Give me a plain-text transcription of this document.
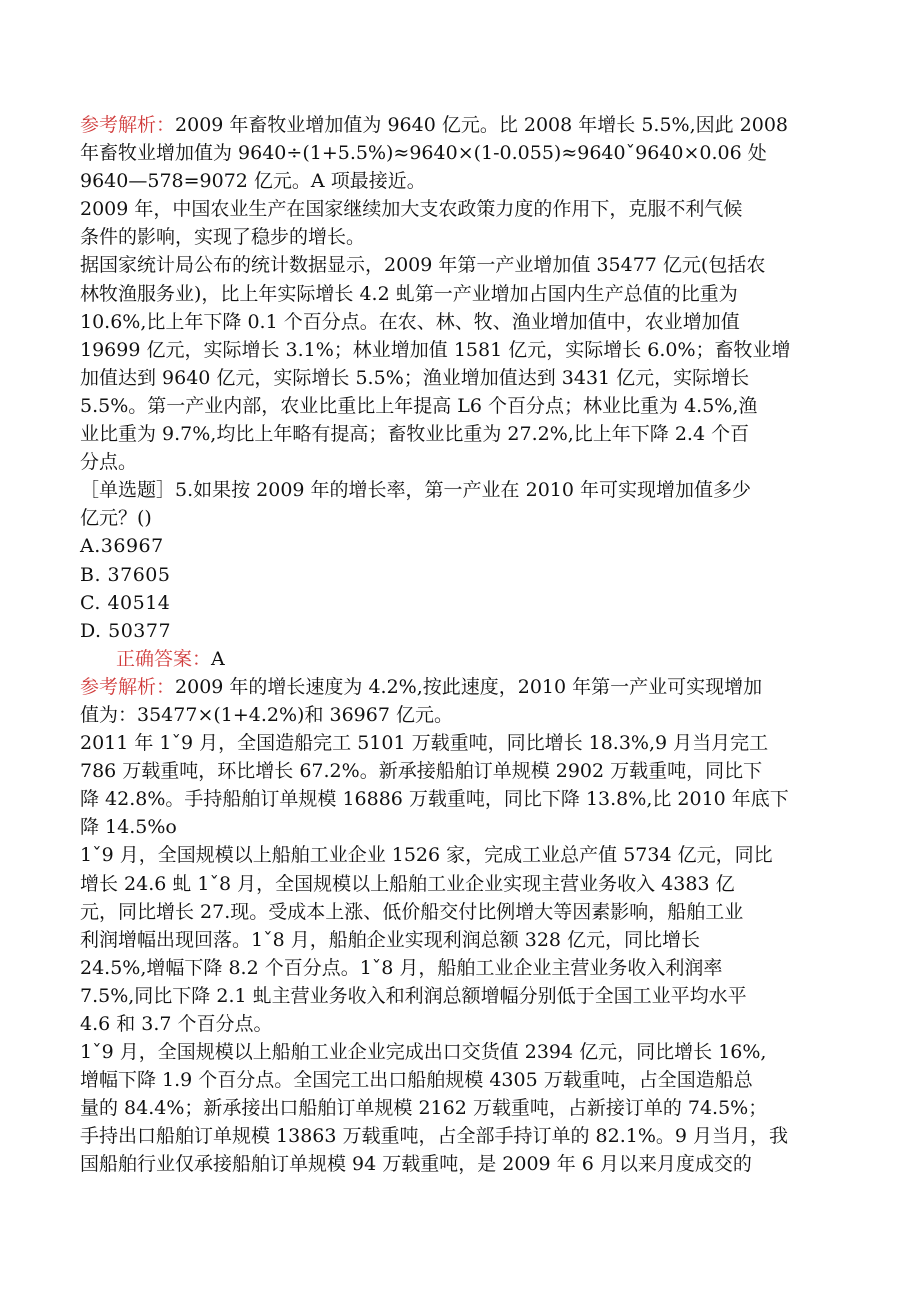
参考解析：2009 年畜牧业增加值为 9640 亿元。比 2008 年增长 5.5%,因此 2008
年畜牧业增加值为 9640÷(1+5.5%)≈9640×(1-0.055)≈9640ˇ9640×0.06 处
9640—578=9072 亿元。A 项最接近。
2009 年，中国农业生产在国家继续加大支农政策力度的作用下，克服不利气候
条件的影响，实现了稳步的增长。
据国家统计局公布的统计数据显示，2009 年第一产业增加值 35477 亿元(包括农
林牧渔服务业)，比上年实际增长 4.2 虬第一产业增加占国内生产总值的比重为
10.6%,比上年下降 0.1 个百分点。在农、林、牧、渔业增加值中，农业增加值
19699 亿元，实际增长 3.1%；林业增加值 1581 亿元，实际增长 6.0%；畜牧业增
加值达到 9640 亿元，实际增长 5.5%；渔业增加值达到 3431 亿元，实际增长
5.5%。第一产业内部，农业比重比上年提高 L6 个百分点；林业比重为 4.5%,渔
业比重为 9.7%,均比上年略有提高；畜牧业比重为 27.2%,比上年下降 2.4 个百
分点。
［单选题］5.如果按 2009 年的增长率，第一产业在 2010 年可实现增加值多少
亿元？()
A.36967
B. 37605
C. 40514
D. 50377
正确答案：A
参考解析：2009 年的增长速度为 4.2%,按此速度，2010 年第一产业可实现增加
值为：35477×(1+4.2%)和 36967 亿元。
2011 年 1ˇ9 月，全国造船完工 5101 万载重吨，同比增长 18.3%,9 月当月完工
786 万载重吨，环比增长 67.2%。新承接船舶订单规模 2902 万载重吨，同比下
降 42.8%。手持船舶订单规模 16886 万载重吨，同比下降 13.8%,比 2010 年底下
降 14.5%o
1ˇ9 月，全国规模以上船舶工业企业 1526 家，完成工业总产值 5734 亿元，同比
增长 24.6 虬 1ˇ8 月，全国规模以上船舶工业企业实现主营业务收入 4383 亿
元，同比增长 27.现。受成本上涨、低价船交付比例增大等因素影响，船舶工业
利润增幅出现回落。1ˇ8 月，船舶企业实现利润总额 328 亿元，同比增长
24.5%,增幅下降 8.2 个百分点。1ˇ8 月，船舶工业企业主营业务收入利润率
7.5%,同比下降 2.1 虬主营业务收入和利润总额增幅分别低于全国工业平均水平
4.6 和 3.7 个百分点。
1ˇ9 月，全国规模以上船舶工业企业完成出口交货值 2394 亿元，同比增长 16%,
增幅下降 1.9 个百分点。全国完工出口船舶规模 4305 万载重吨，占全国造船总
量的 84.4%；新承接出口船舶订单规模 2162 万载重吨，占新接订单的 74.5%；
手持出口船舶订单规模 13863 万载重吨，占全部手持订单的 82.1%。9 月当月，我
国船舶行业仅承接船舶订单规模 94 万载重吨，是 2009 年 6 月以来月度成交的
